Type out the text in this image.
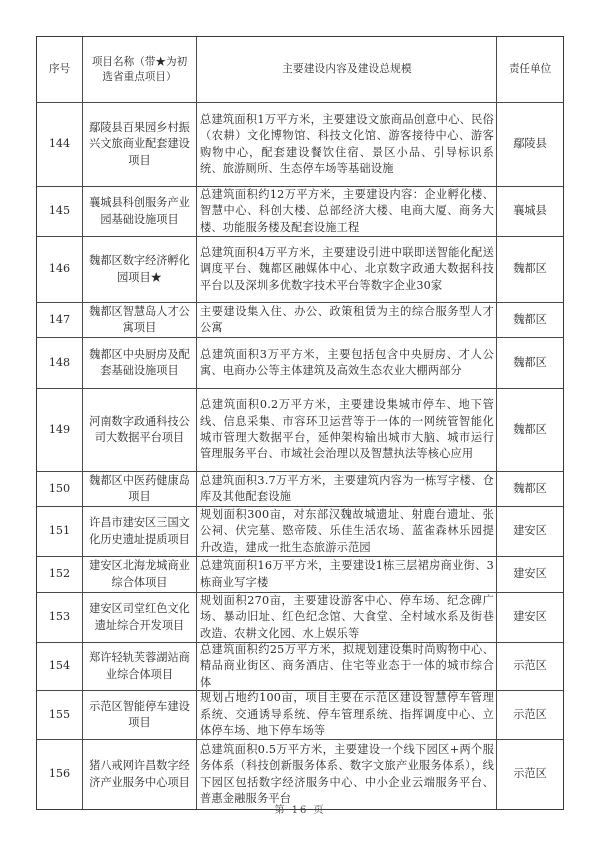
序号
项目名称（带★为初选省重点项目）
主要建设内容及建设总规模	责任单位
144
鄢陵县百果园乡村振兴文旅商业配套建设项目
总建筑面积1万平方米，主要建设文旅商品创意中心、民俗（农耕）文化博物馆、科技文化馆、游客接待中心、游客购物中心，配套建设餐饮住宿、景区小品、引导标识系统、旅游厕所、生态停车场等基础设施
鄢陵县
145
襄城县科创服务产业园基础设施项目
总建筑面积约12万平方米，主要建设内容：企业孵化楼、智慧中心、科创大楼、总部经济大楼、电商大厦、商务大楼、功能服务楼及配套设施工程
襄城县
146
魏都区数字经济孵化园项目★
总建筑面积4万平方米，主要建设引进中联即送智能化配送调度平台、魏都区融媒体中心、北京数字政通大数据科技平台以及深圳多优数字技术平台等数字企业30家
魏都区
147
魏都区智慧岛人才公寓项目
主要建设集入住、办公、政策租赁为主的综合服务型人才公寓
魏都区
148
魏都区中央厨房及配套基础设施项目
总建筑面积3万平方米，主要包括包含中央厨房、才人公寓、电商办公等主体建筑及高效生态农业大棚两部分
魏都区
149
河南数字政通科技公司大数据平台项目
总建筑面积0.2万平方米，主要建设集城市停车、地下管线、信息采集、市容环卫运营等于一体的一网统管智能化城市管理大数据平台，延伸架构输出城市大脑、城市运行管理服务平台、市域社会治理以及智慧执法等核心应用
魏都区
150
魏都区中医药健康岛项目
总建筑面积3.7万平方米，主要建筑内容为一栋写字楼、仓库及其他配套设施
魏都区
151
许昌市建安区三国文化历史遗址提质项目
规划面积300亩，对东部汉魏故城遗址、射鹿台遗址、张公祠、伏完墓、愍帝陵、乐佳生活农场、蓝雀森林乐园提升改造，建成一批生态旅游示范园
建安区
152
建安区北海龙城商业综合体项目
总建筑面积16万平方米，主要建设1栋三层裙房商业街、3栋商业写字楼
建安区
153
建安区司堂红色文化遗址综合开发项目
规划面积270亩，主要建设游客中心、停车场、纪念碑广场、暴动旧址、红色纪念馆、大食堂、全村域水系及街巷改造、农耕文化园、水上娱乐等
建安区
154
郑许轻轨芙蓉湖站商业综合体项目
总建筑面积约25万平方米，拟规划建设集时尚购物中心、精品商业街区、商务酒店、住宅等业态于一体的城市综合体
示范区
155
示范区智能停车建设项目
规划占地约100亩，项目主要在示范区建设智慧停车管理系统、交通诱导系统、停车管理系统、指挥调度中心、立体停车场、地下停车场等
示范区
156
猪八戒网许昌数字经济产业服务中心项目
总建筑面积0.5万平方米，主要建设一个线下园区+两个服务体系（科技创新服务体系、数字文旅产业服务体系），线下园区包括数字经济服务中心、中小企业云端服务平台、普惠金融服务平台
示范区
第 16 页
